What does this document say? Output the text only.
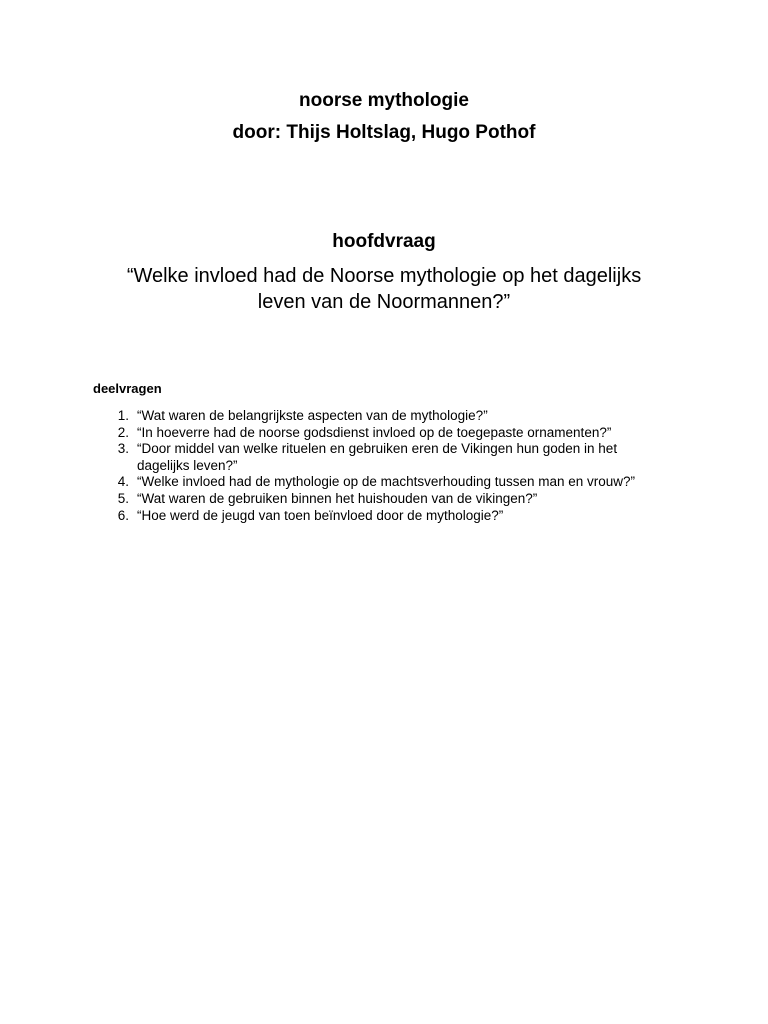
noorse mythologie
door: Thijs Holtslag, Hugo Pothof
hoofdvraag
“Welke invloed had de Noorse mythologie op het dagelijks leven van de Noormannen?”
deelvragen
1. “Wat waren de belangrijkste aspecten van de mythologie?”
2. “In hoeverre had de noorse godsdienst invloed op de toegepaste ornamenten?”
3. “Door middel van welke rituelen en gebruiken eren de Vikingen hun goden in het dagelijks leven?”
4. “Welke invloed had de mythologie op de machtsverhouding tussen man en vrouw?”
5. “Wat waren de gebruiken binnen het huishouden van de vikingen?”
6. “Hoe werd de jeugd van toen beïnvloed door de mythologie?”
